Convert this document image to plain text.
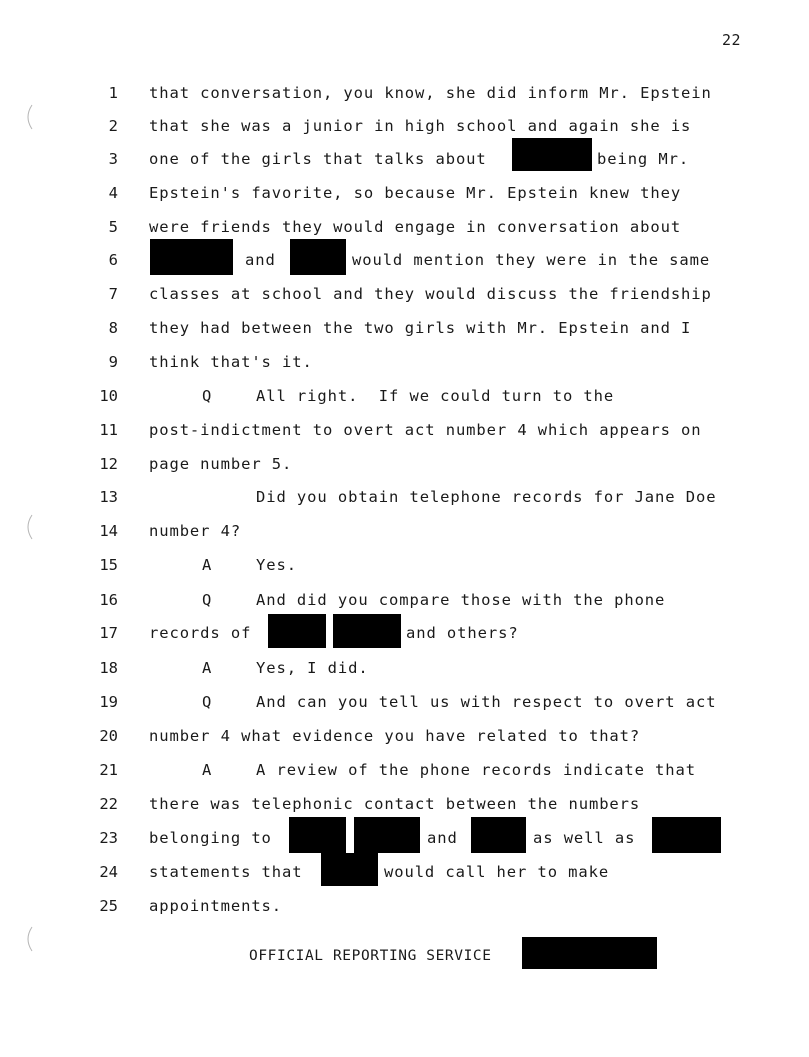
22
1 that conversation, you know, she did inform Mr. Epstein
2 that she was a junior in high school and again she is
3 one of the girls that talks about	being Mr.
4 Epstein's favorite, so because Mr. Epstein knew they
5 were friends they would engage in conversation about
6	and	would mention they were in the same
7 classes at school and they would discuss the friendship
8 they had between the two girls with Mr. Epstein and I
9 think that's it.
10	Q	All right.  If we could turn to the
11 post-indictment to overt act number 4 which appears on
12 page number 5.
13	Did you obtain telephone records for Jane Doe
14 number 4?
15	A	Yes.
16	Q	And did you compare those with the phone
17 records of	and others?
18	A	Yes, I did.
19	Q	And can you tell us with respect to overt act
20 number 4 what evidence you have related to that?
21	A	A review of the phone records indicate that
22 there was telephonic contact between the numbers
23 belonging to	and	as well as
24 statements that	would call her to make
25 appointments.
OFFICIAL REPORTING SERVICE
